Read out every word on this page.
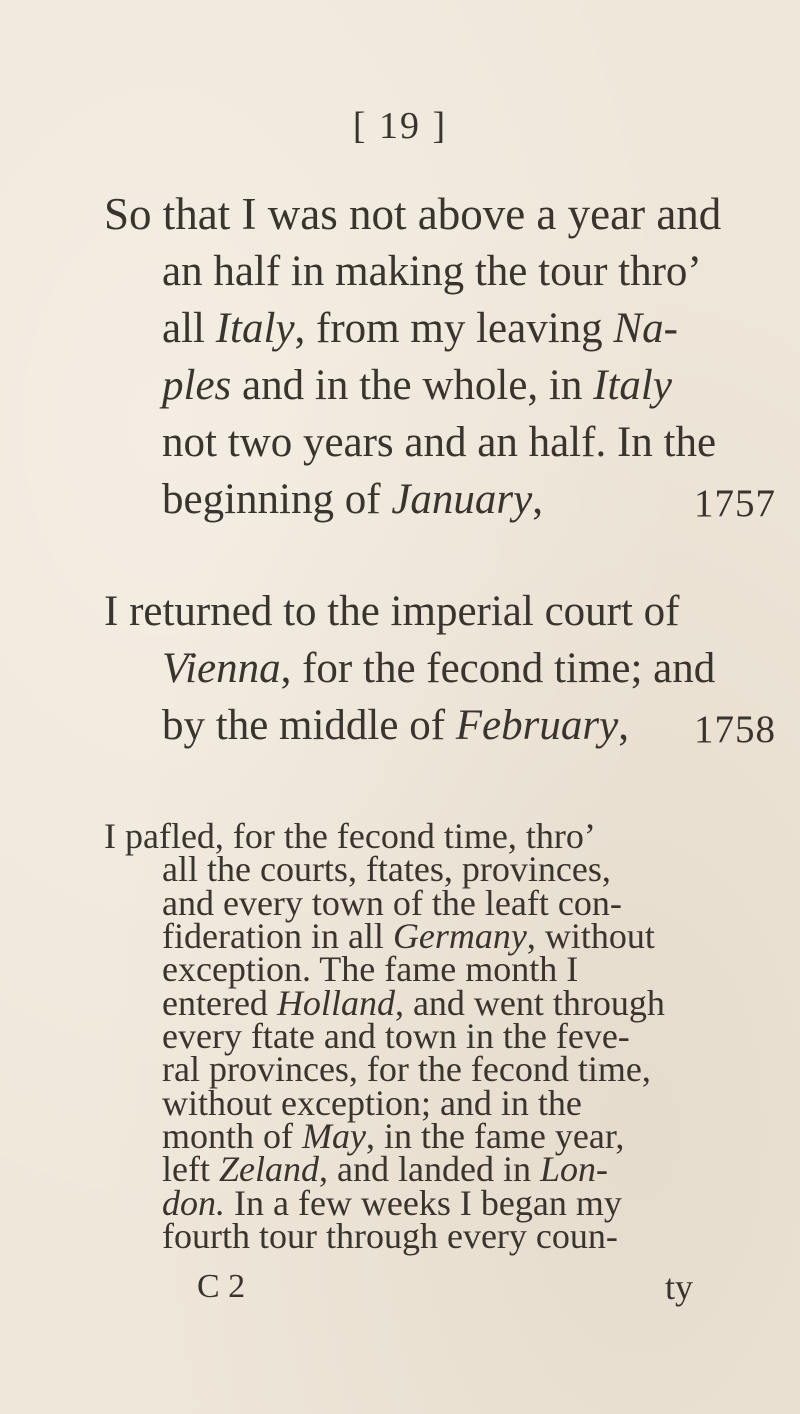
[ 19 ]
So that I was not above a year and
an half in making the tour thro’
all Italy, from my leaving Na-
ples and in the whole, in Italy
not two years and an half. In the
beginning of January,	1757
I returned to the imperial court of
Vienna, for the fecond time; and
by the middle of February, 1758
I pafled, for the fecond time, thro’
all the courts, ftates, provinces,
and every town of the leaft con-
fideration in all Germany, without
exception. The fame month I
entered Holland, and went through
every ftate and town in the feve-
ral provinces, for the fecond time,
without exception; and in the
month of May, in the fame year,
left Zeland, and landed in Lon-
don. In a few weeks I began my
fourth tour through every coun-
C 2	ty
